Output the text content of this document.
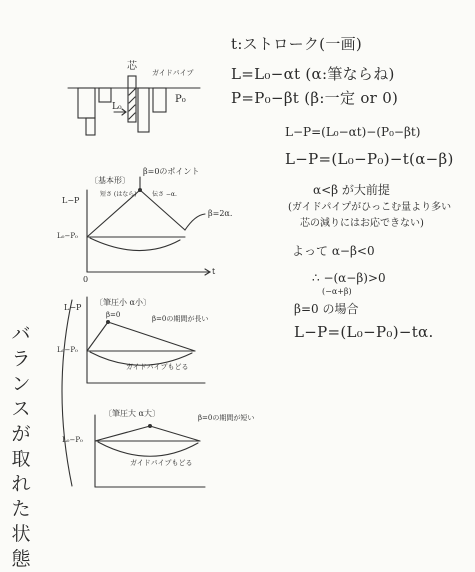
t:ストローク(一画)
L=L₀−αt (α:筆ならね)
P=P₀−βt (β:一定 or 0)
L−P=(L₀−αt)−(P₀−βt)
L−P=(L₀−P₀)−t(α−β)
α<β が大前提
(ガイドパイプがひっこむ量より多い
芯の減りにはお応できない)
よって α−β<0
∴ −(α−β)>0
(−α+β)
β=0 の場合
L−P=(L₀−P₀)−tα.
芯
ガイドパイプ
P₀
L₀
〔基本形〕
β=0のポイント
短さ (はなら)	伝さ −α.
L−P
L₀−P₀
t
0
β=2α.
〔筆圧小 α小〕
L−P
L₀−P₀
β=0	β=0の期間が長い
ガイドパイプもどる
〔筆圧大 α大〕
L₀−P₀
β=0の期間が短い
ガイドパイプもどる
バ
ラ
ン
ス
が
取
れ
た
状
態
